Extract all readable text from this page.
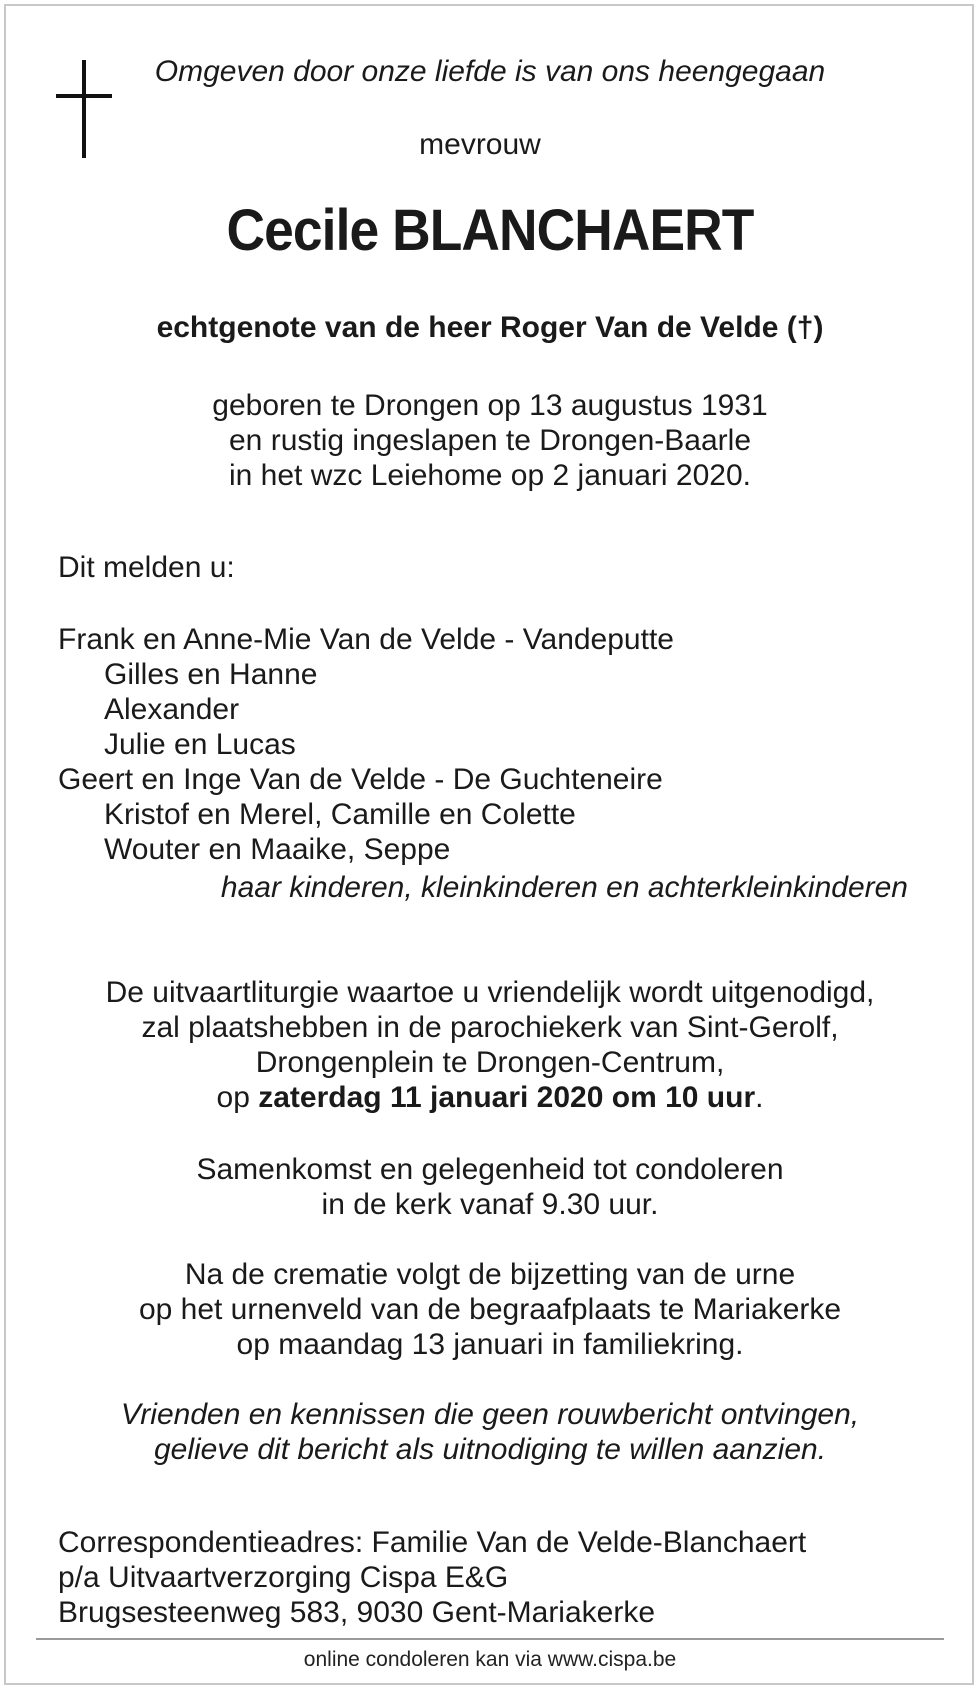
Omgeven door onze liefde is van ons heengegaan
mevrouw
Cecile BLANCHAERT
echtgenote van de heer Roger Van de Velde (†)
geboren te Drongen op 13 augustus 1931
en rustig ingeslapen te Drongen-Baarle
in het wzc Leiehome op 2 januari 2020.
Dit melden u:
Frank en Anne-Mie Van de Velde - Vandeputte
Gilles en Hanne
Alexander
Julie en Lucas
Geert en Inge Van de Velde - De Guchteneire
Kristof en Merel, Camille en Colette
Wouter en Maaike, Seppe
haar kinderen, kleinkinderen en achterkleinkinderen
De uitvaartliturgie waartoe u vriendelijk wordt uitgenodigd,
zal plaatshebben in de parochiekerk van Sint-Gerolf,
Drongenplein te Drongen-Centrum,
op zaterdag 11 januari 2020 om 10 uur.
Samenkomst en gelegenheid tot condoleren
in de kerk vanaf 9.30 uur.
Na de crematie volgt de bijzetting van de urne
op het urnenveld van de begraafplaats te Mariakerke
op maandag 13 januari in familiekring.
Vrienden en kennissen die geen rouwbericht ontvingen,
gelieve dit bericht als uitnodiging te willen aanzien.
Correspondentieadres: Familie Van de Velde-Blanchaert
p/a Uitvaartverzorging Cispa E&G
Brugsesteenweg 583, 9030 Gent-Mariakerke
online condoleren kan via www.cispa.be
